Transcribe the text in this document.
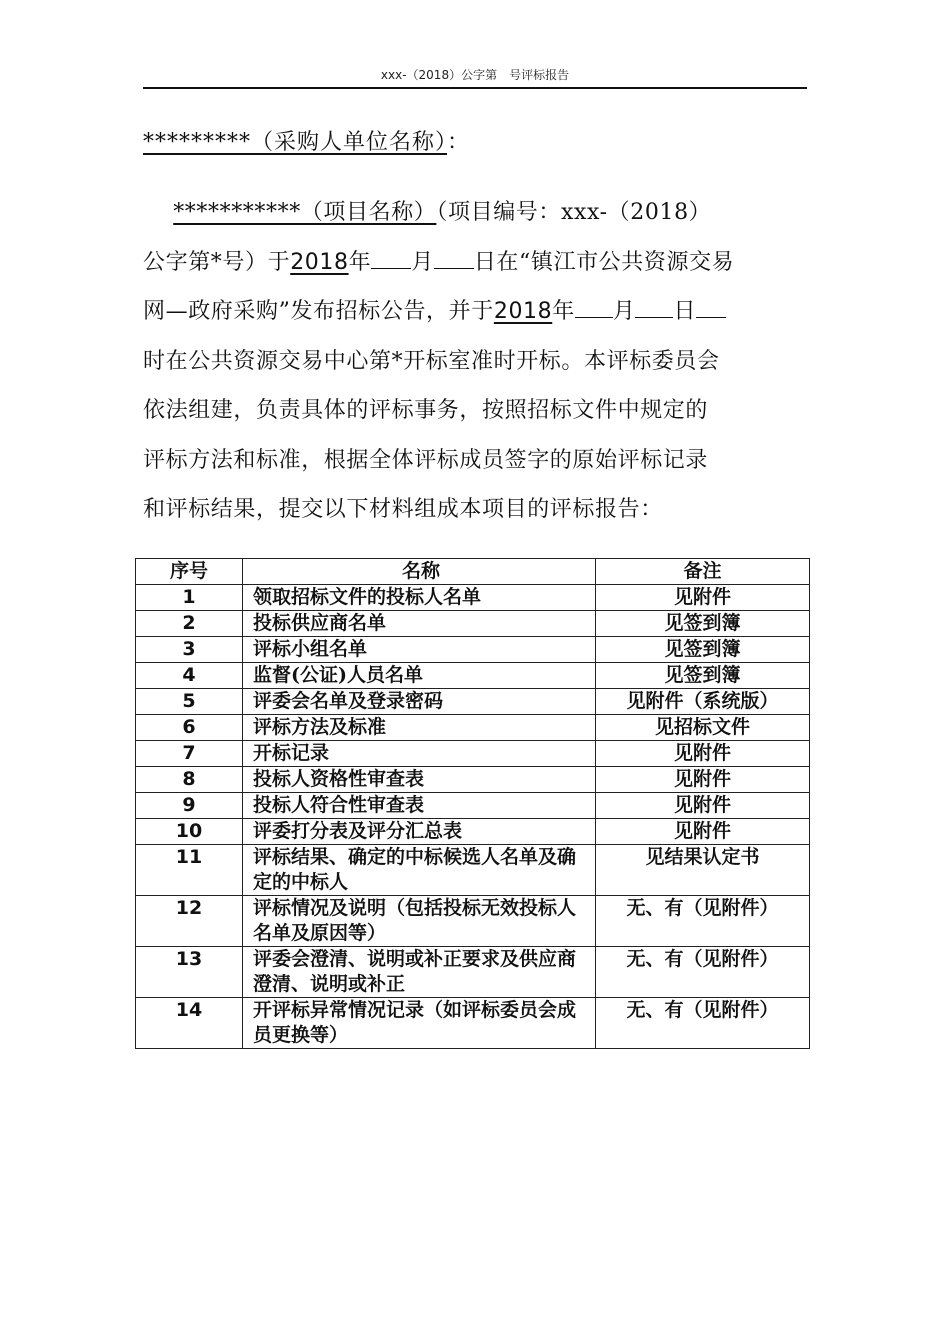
xxx-（2018）公字第　号评标报告
*********（采购人单位名称）：
　 ***********（项目名称）（项目编号：xxx-（2018）
公字第*号）于2018年 月 日在“镇江市公共资源交易
网—政府采购”发布招标公告，并于2018年 月 日
时在公共资源交易中心第*开标室准时开标。本评标委员会
依法组建，负责具体的评标事务，按照招标文件中规定的
评标方法和标准，根据全体评标成员签字的原始评标记录
和评标结果，提交以下材料组成本项目的评标报告：
序号	名称	备注
1	领取招标文件的投标人名单	见附件
2	投标供应商名单	见签到簿
3	评标小组名单	见签到簿
4	监督(公证)人员名单	见签到簿
5	评委会名单及登录密码	见附件（系统版）
6	评标方法及标准	见招标文件
7	开标记录	见附件
8	投标人资格性审查表	见附件
9	投标人符合性审查表	见附件
10	评委打分表及评分汇总表	见附件
11	评标结果、确定的中标候选人名单及确定的中标人	见结果认定书
12	评标情况及说明（包括投标无效投标人名单及原因等）	无、有（见附件）
13	评委会澄清、说明或补正要求及供应商澄清、说明或补正	无、有（见附件）
14	开评标异常情况记录（如评标委员会成员更换等）	无、有（见附件）
